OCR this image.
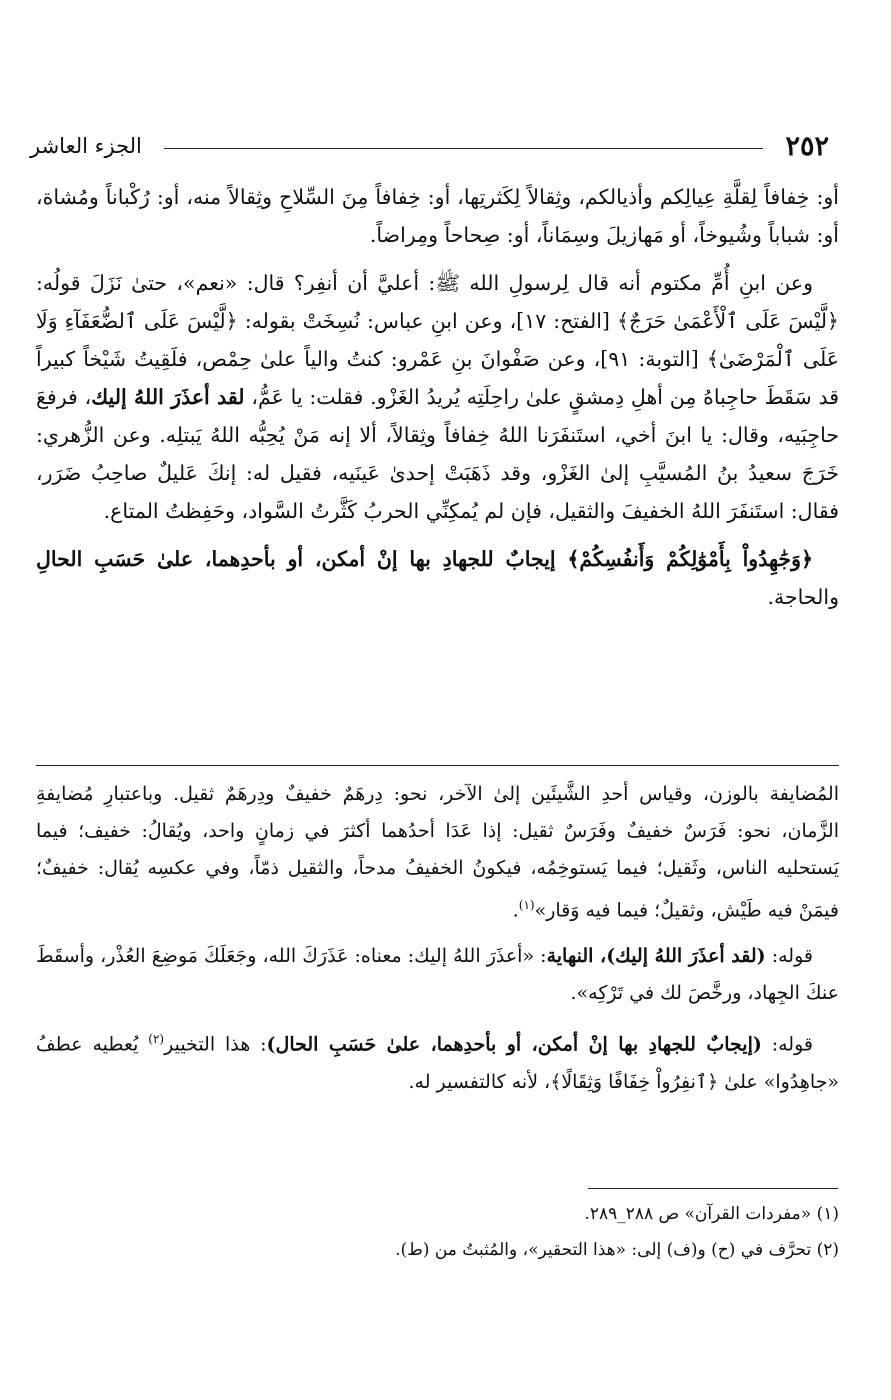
٢٥٢
الجزء العاشر

أو: خِفافاً لِقلَّةِ عِيالِكم وأذيالكم، وثِقالاً لِكَثرتِها، أو: خِفافاً مِنَ السِّلاحِ وثِقالاً منه، أو: رُكْباناً ومُشاة، أو: شباباً وشُيوخاً، أو مَهازيلَ وسِمَاناً، أو: صِحاحاً ومِراضاً.

وعن ابنِ أُمِّ مكتوم أنه قال لِرسولِ الله ﷺ: أعليَّ أن أنفِر؟ قال: «نعم»، حتىٰ نَزَلَ قولُه: ﴿لَّيْسَ عَلَى ٱلْأَعْمَىٰ حَرَجٌ﴾ [الفتح: ١٧]، وعن ابنِ عباس: نُسِخَتْ بقوله: ﴿لَّيْسَ عَلَى ٱلضُّعَفَآءِ وَلَا عَلَى ٱلْمَرْضَىٰ﴾ [التوبة: ٩١]، وعن صَفْوانَ بنِ عَمْرو: كنتُ والياً علىٰ حِمْص، فلَقِيتُ شَيْخاً كبيراً قد سَقَطَ حاجِباهُ مِن أهلِ دِمشقٍ علىٰ راحِلَتِه يُريدُ الغَزْو. فقلت: يا عَمُّ، لقد أعذَرَ اللهُ إليك، فرفعَ حاجِبَيه، وقال: يا ابنَ أخي، استَنفَرَنا اللهُ خِفافاً وثِقالاً، ألا إنه مَنْ يُحِبُّه اللهُ يَبتلِه. وعن الزُّهري: خَرَجَ سعيدُ بنُ المُسيَّبِ إلىٰ الغَزْو، وقد ذَهَبَتْ إحدىٰ عَينَيه، فقيل له: إنكَ عَليلٌ صاحِبُ ضَرَر، فقال: استَنفَرَ اللهُ الخفيفَ والثقيل، فإن لم يُمكِنِّي الحربُ كَثَّرتُ السَّواد، وحَفِظتُ المتاع.

﴿وَجَٰهِدُواْ بِأَمْوَٰلِكُمْ وَأَنفُسِكُمْ﴾ إيجابٌ للجهادِ بها إنْ أمكن، أو بأحدِهما، علىٰ حَسَبِ الحالِ والحاجة.

المُضايفة بالوزن، وقياس أحدِ الشَّيئَين إلىٰ الآخر، نحو: دِرهَمٌ خفيفٌ ودِرهَمٌ ثقيل. وباعتبارِ مُضايفةِ الزَّمان، نحو: فَرَسٌ خفيفٌ وفَرَسٌ ثقيل: إذا عَدَا أحدُهما أكثرَ في زمانٍ واحد، ويُقالُ: خفيف؛ فيما يَستحليه الناس، وثَقيل؛ فيما يَستوخِمُه، فيكونُ الخفيفُ مدحاً، والثقيل ذمّاً، وفي عكسِه يُقال: خفيفٌ؛ فيمَنْ فيه طَيْش، وثقيلٌ؛ فيما فيه وَقار»$^{(١)}$.

قوله: (لقد أعذَرَ اللهُ إليك)، النهاية: «أعذَرَ اللهُ إليك: معناه: عَذَرَكَ الله، وجَعَلَكَ مَوضِعَ العُذْر، وأسقَطَ عنكَ الجِهاد، ورخَّصَ لك في تَرْكِه».

قوله: (إيجابٌ للجهادِ بها إنْ أمكن، أو بأحدِهما، علىٰ حَسَبِ الحال): هذا التخيير$^{(٢)}$ يُعطيه عطفُ «جاهِدُوا» علىٰ ﴿ٱنفِرُواْ خِفَافًا وَثِقَالًا﴾، لأنه كالتفسير له.

(١) «مفردات القرآن» ص ٢٨٨_٢٨٩.

(٢) تحرَّف في (ح) و(ف) إلى: «هذا التحقير»، والمُثبتُ من (ط).
